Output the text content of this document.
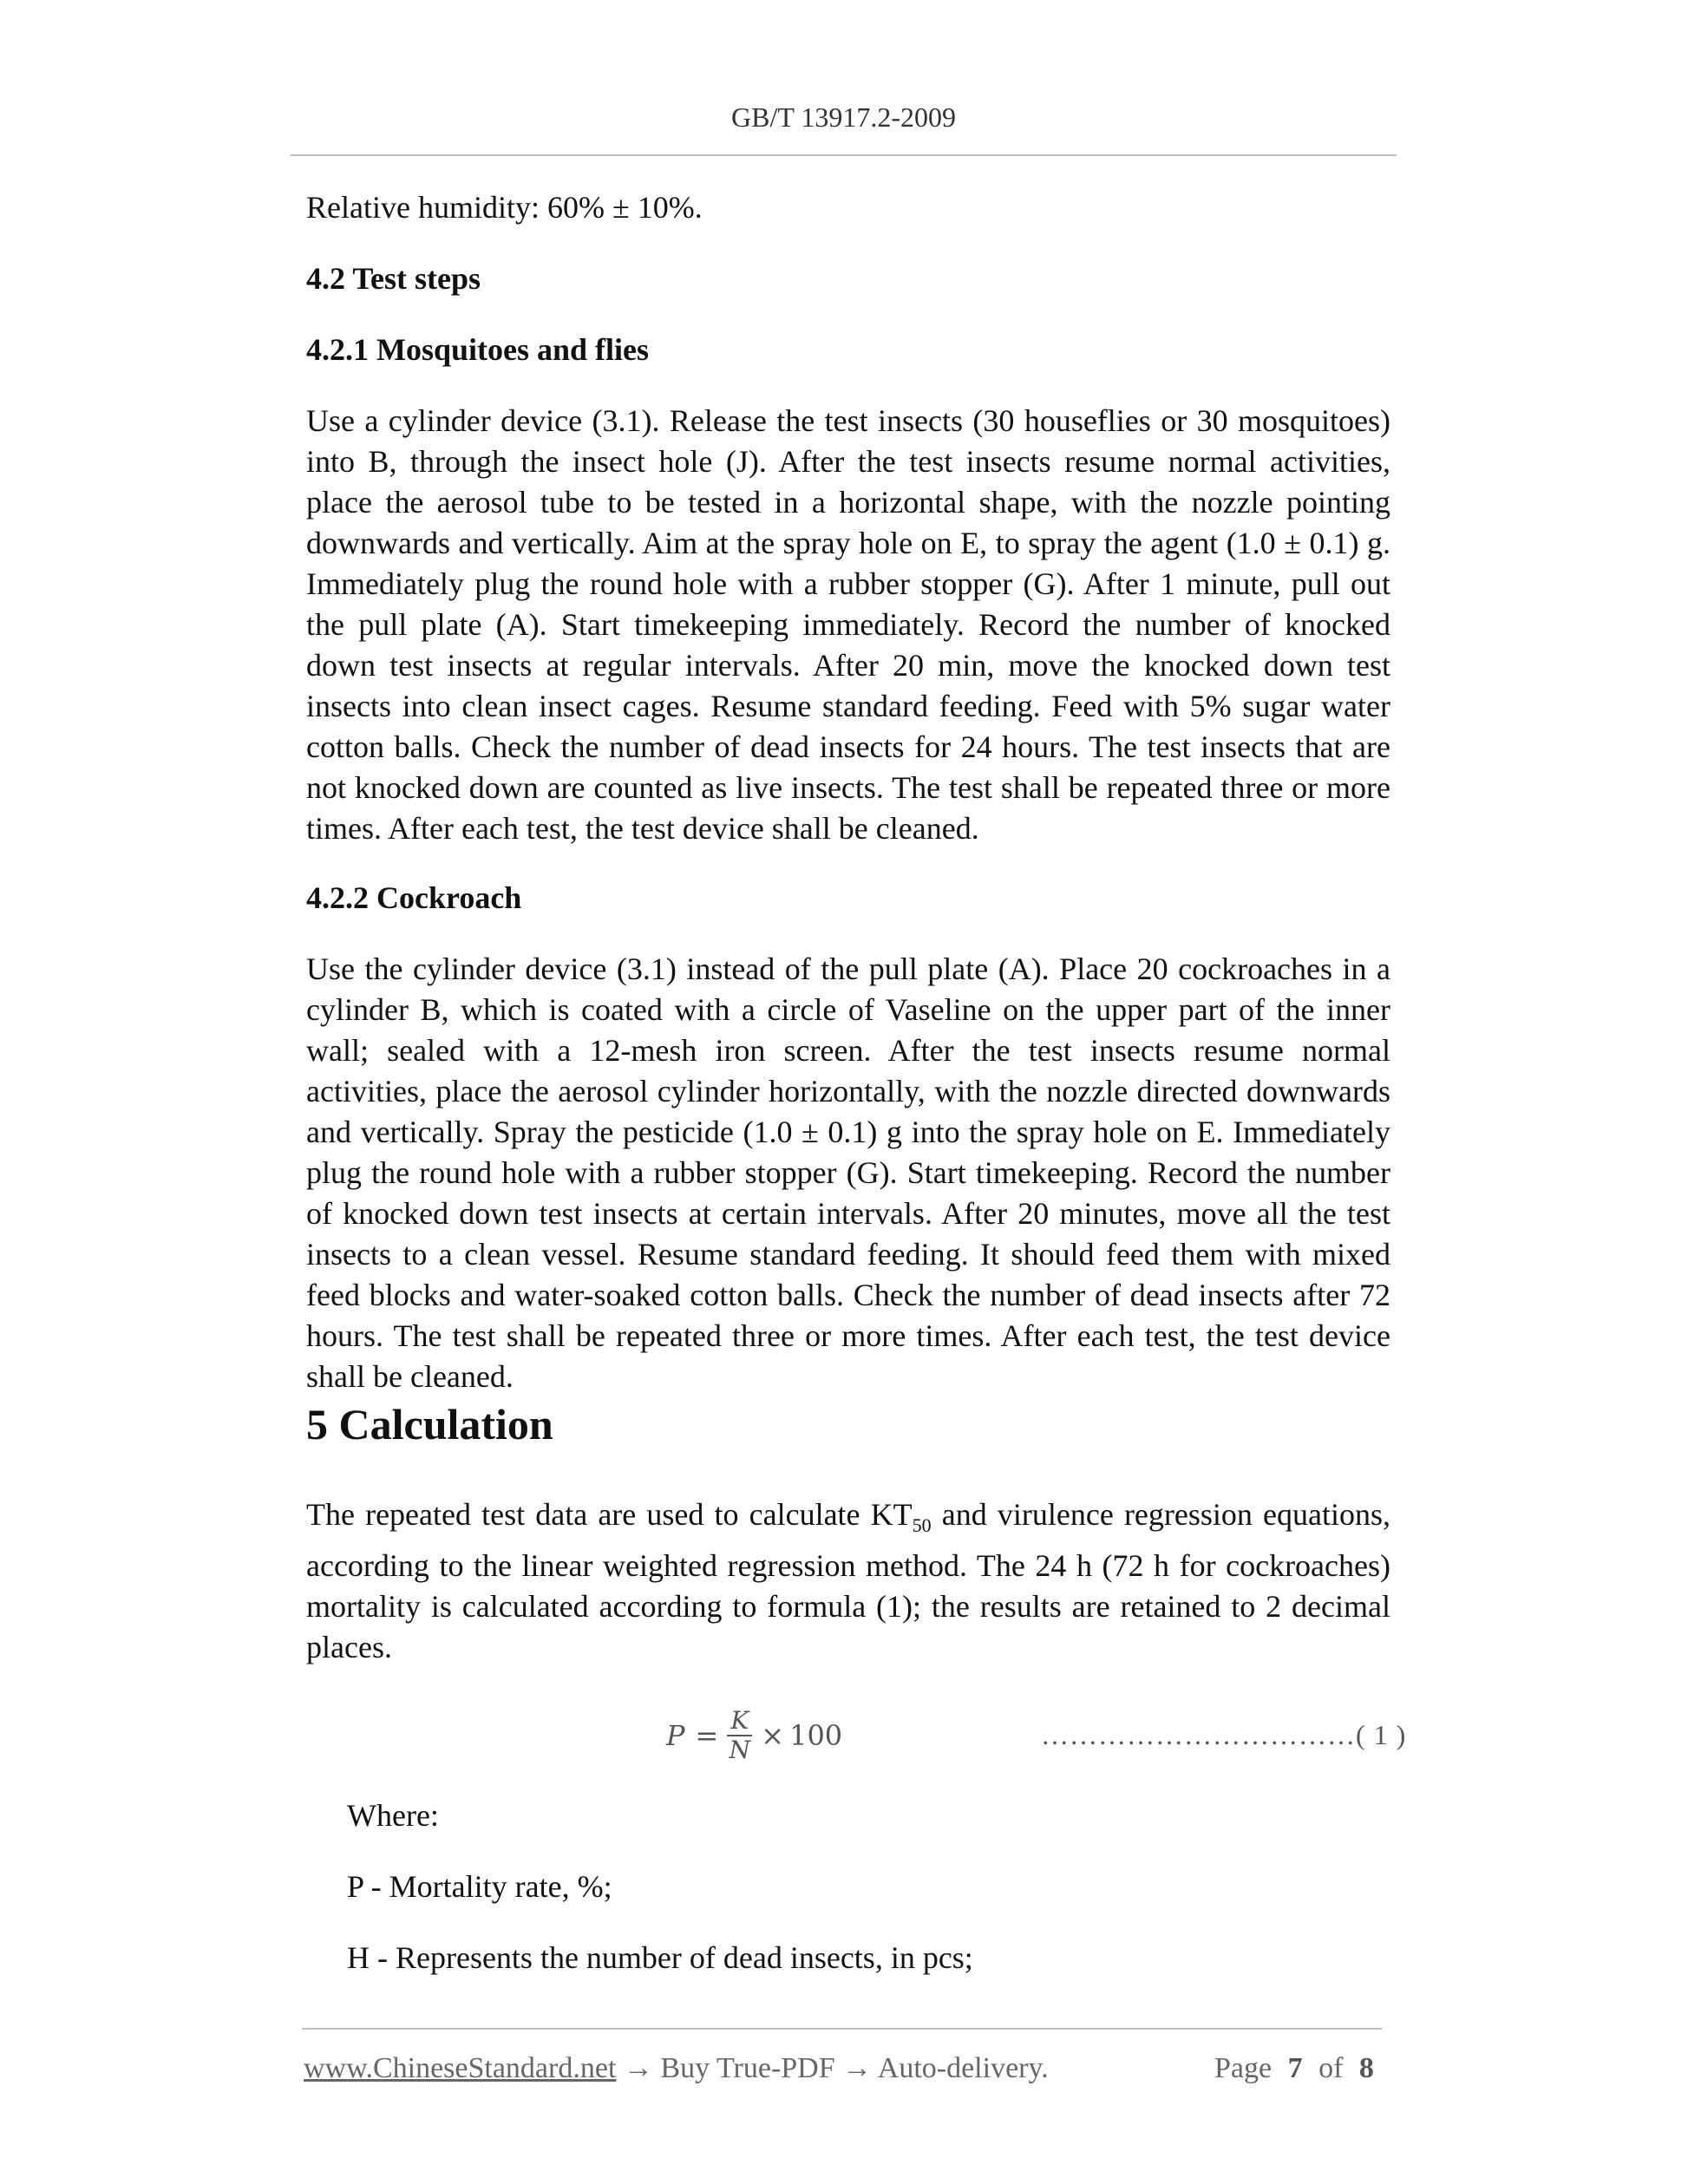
GB/T 13917.2-2009

Relative humidity: 60% ± 10%.

4.2 Test steps
4.2.1 Mosquitoes and flies

Use a cylinder device (3.1). Release the test insects (30 houseflies or 30 mosquitoes) into B, through the insect hole (J). After the test insects resume normal activities, place the aerosol tube to be tested in a horizontal shape, with the nozzle pointing downwards and vertically. Aim at the spray hole on E, to spray the agent (1.0 ± 0.1) g. Immediately plug the round hole with a rubber stopper (G). After 1 minute, pull out the pull plate (A). Start timekeeping immediately. Record the number of knocked down test insects at regular intervals. After 20 min, move the knocked down test insects into clean insect cages. Resume standard feeding. Feed with 5% sugar water cotton balls. Check the number of dead insects for 24 hours. The test insects that are not knocked down are counted as live insects. The test shall be repeated three or more times. After each test, the test device shall be cleaned.

4.2.2 Cockroach

Use the cylinder device (3.1) instead of the pull plate (A). Place 20 cockroaches in a cylinder B, which is coated with a circle of Vaseline on the upper part of the inner wall; sealed with a 12-mesh iron screen. After the test insects resume normal activities, place the aerosol cylinder horizontally, with the nozzle directed downwards and vertically. Spray the pesticide (1.0 ± 0.1) g into the spray hole on E. Immediately plug the round hole with a rubber stopper (G). Start timekeeping. Record the number of knocked down test insects at certain intervals. After 20 minutes, move all the test insects to a clean vessel. Resume standard feeding. It should feed them with mixed feed blocks and water-soaked cotton balls. Check the number of dead insects after 72 hours. The test shall be repeated three or more times. After each test, the test device shall be cleaned.

5 Calculation

The repeated test data are used to calculate $KT_{50}$ and virulence regression equations, according to the linear weighted regression method. The 24 h (72 h for cockroaches) mortality is calculated according to formula (1); the results are retained to 2 decimal places.

$P = \frac{K}{N} \times 100$	……………………………( 1 )

Where:

P - Mortality rate, %;

H - Represents the number of dead insects, in pcs;

www.ChineseStandard.net → Buy True-PDF → Auto-delivery.	Page 7 of 8
